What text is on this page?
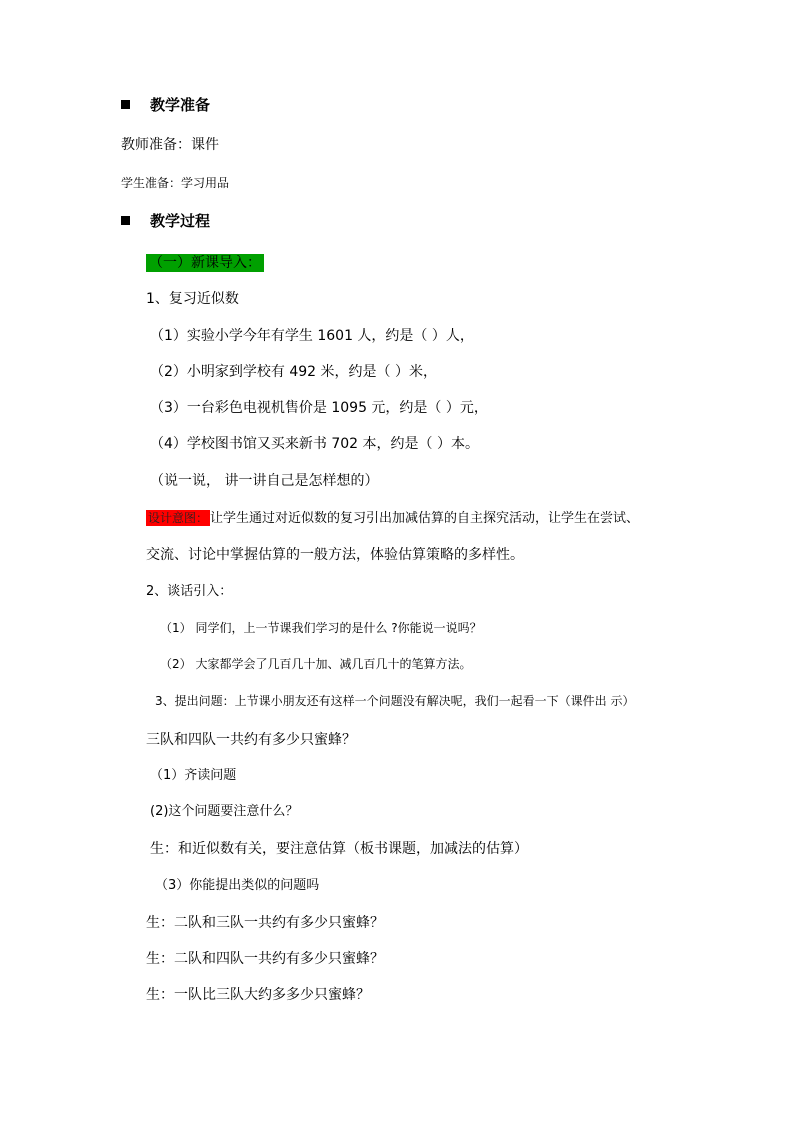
教学准备
教师准备：课件
学生准备：学习用品
教学过程
（一）新课导入：
1、复习近似数
（1）实验小学今年有学生 1601 人，约是（ ）人，
（2）小明家到学校有 492 米，约是（ ）米，
（3）一台彩色电视机售价是 1095 元，约是（ ）元，
（4）学校图书馆又买来新书 702 本，约是（ ）本。
（说一说， 讲一讲自己是怎样想的）
设计意图： 让学生通过对近似数的复习引出加减估算的自主探究活动，让学生在尝试、
交流、讨论中掌握估算的一般方法，体验估算策略的多样性。
2、谈话引入：
（1） 同学们，上一节课我们学习的是什么 ?你能说一说吗？
（2） 大家都学会了几百几十加、减几百几十的笔算方法。
3、提出问题：上节课小朋友还有这样一个问题没有解决呢，我们一起看一下（课件出 示）
三队和四队一共约有多少只蜜蜂？
（1）齐读问题
(2)这个问题要注意什么？
生：和近似数有关，要注意估算（板书课题，加减法的估算）
（3）你能提出类似的问题吗
生：二队和三队一共约有多少只蜜蜂？
生：二队和四队一共约有多少只蜜蜂？
生：一队比三队大约多多少只蜜蜂？
